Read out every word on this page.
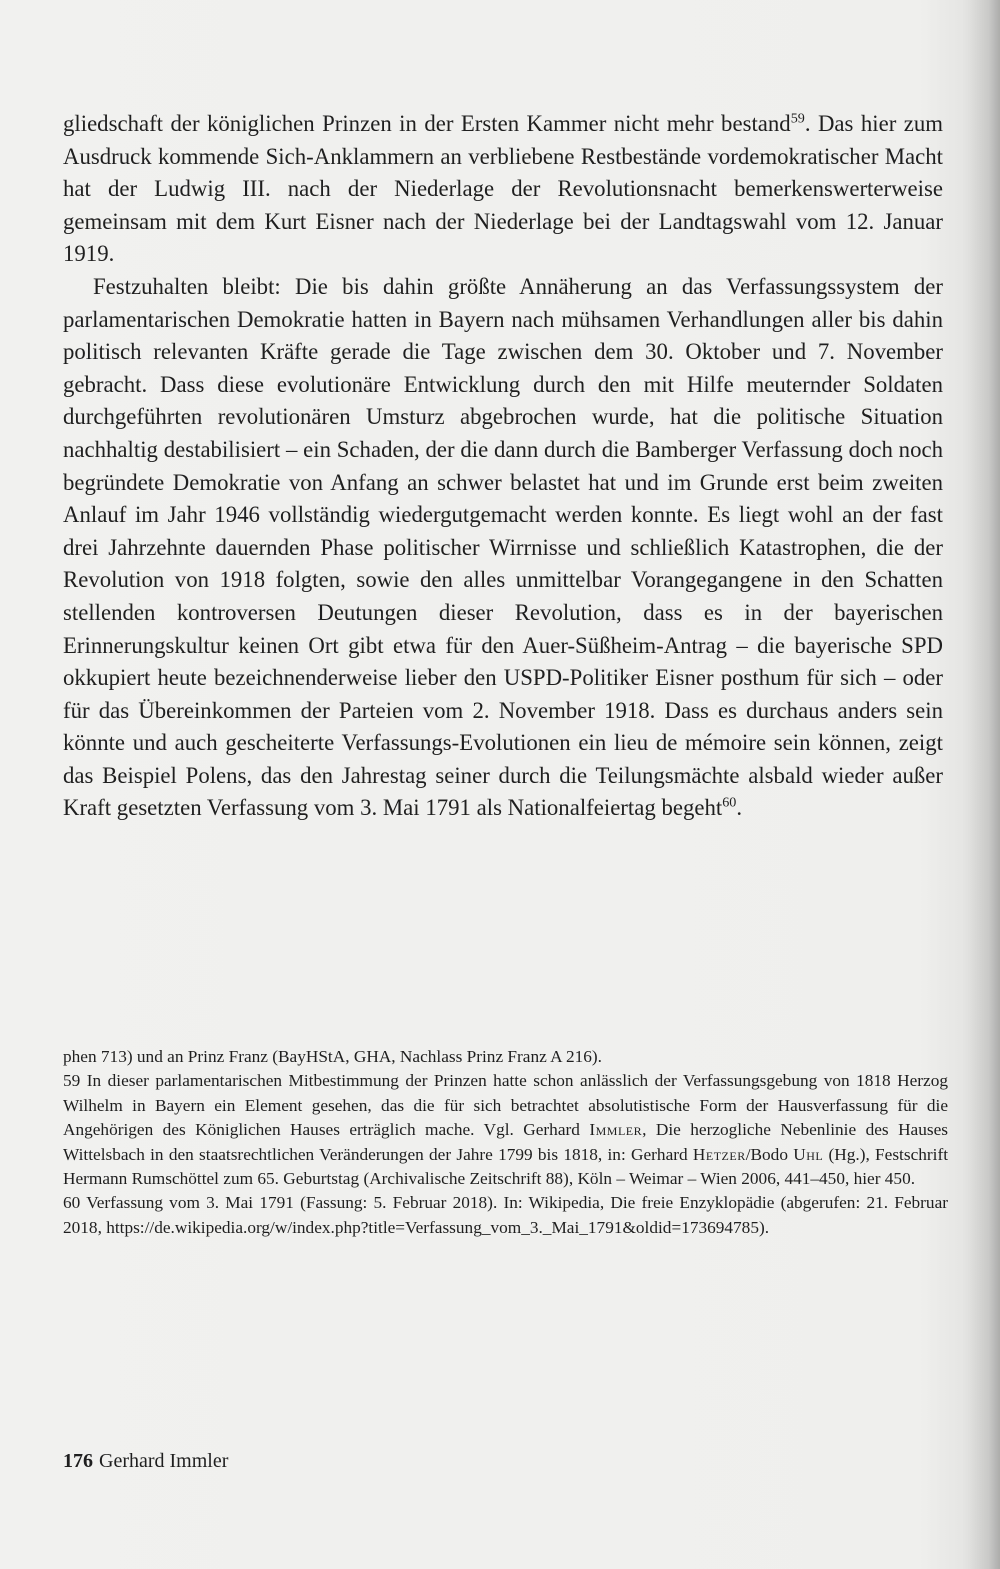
gliedschaft der königlichen Prinzen in der Ersten Kammer nicht mehr bestand$^{59}$. Das hier zum Ausdruck kommende Sich-Anklammern an verbliebene Restbestände vordemokratischer Macht hat der Ludwig III. nach der Niederlage der Revolutionsnacht bemerkenswerterweise gemeinsam mit dem Kurt Eisner nach der Niederlage bei der Landtagswahl vom 12. Januar 1919.

Festzuhalten bleibt: Die bis dahin größte Annäherung an das Verfassungssystem der parlamentarischen Demokratie hatten in Bayern nach mühsamen Verhandlungen aller bis dahin politisch relevanten Kräfte gerade die Tage zwischen dem 30. Oktober und 7. November gebracht. Dass diese evolutionäre Entwicklung durch den mit Hilfe meuternder Soldaten durchgeführten revolutionären Umsturz abgebrochen wurde, hat die politische Situation nachhaltig destabilisiert – ein Schaden, der die dann durch die Bamberger Verfassung doch noch begründete Demokratie von Anfang an schwer belastet hat und im Grunde erst beim zweiten Anlauf im Jahr 1946 vollständig wiedergutgemacht werden konnte. Es liegt wohl an der fast drei Jahrzehnte dauernden Phase politischer Wirrnisse und schließlich Katastrophen, die der Revolution von 1918 folgten, sowie den alles unmittelbar Vorangegangene in den Schatten stellenden kontroversen Deutungen dieser Revolution, dass es in der bayerischen Erinnerungskultur keinen Ort gibt etwa für den Auer-Süßheim-Antrag – die bayerische SPD okkupiert heute bezeichnenderweise lieber den USPD-Politiker Eisner posthum für sich – oder für das Übereinkommen der Parteien vom 2. November 1918. Dass es durchaus anders sein könnte und auch gescheiterte Verfassungs-Evolutionen ein lieu de mémoire sein können, zeigt das Beispiel Polens, das den Jahrestag seiner durch die Teilungsmächte alsbald wieder außer Kraft gesetzten Verfassung vom 3. Mai 1791 als Nationalfeiertag begeht$^{60}$.

phen 713) und an Prinz Franz (BayHStA, GHA, Nachlass Prinz Franz A 216).

59 In dieser parlamentarischen Mitbestimmung der Prinzen hatte schon anlässlich der Verfassungsgebung von 1818 Herzog Wilhelm in Bayern ein Element gesehen, das die für sich betrachtet absolutistische Form der Hausverfassung für die Angehörigen des Königlichen Hauses erträglich mache. Vgl. Gerhard Immler, Die herzogliche Nebenlinie des Hauses Wittelsbach in den staatsrechtlichen Veränderungen der Jahre 1799 bis 1818, in: Gerhard Hetzer/Bodo Uhl (Hg.), Festschrift Hermann Rumschöttel zum 65. Geburtstag (Archivalische Zeitschrift 88), Köln – Weimar – Wien 2006, 441–450, hier 450.

60 Verfassung vom 3. Mai 1791 (Fassung: 5. Februar 2018). In: Wikipedia, Die freie Enzyklopädie (abgerufen: 21. Februar 2018, https://de.wikipedia.org/w/index.php?title=Verfassung_vom_3._Mai_1791&oldid=173694785).

176 Gerhard Immler
